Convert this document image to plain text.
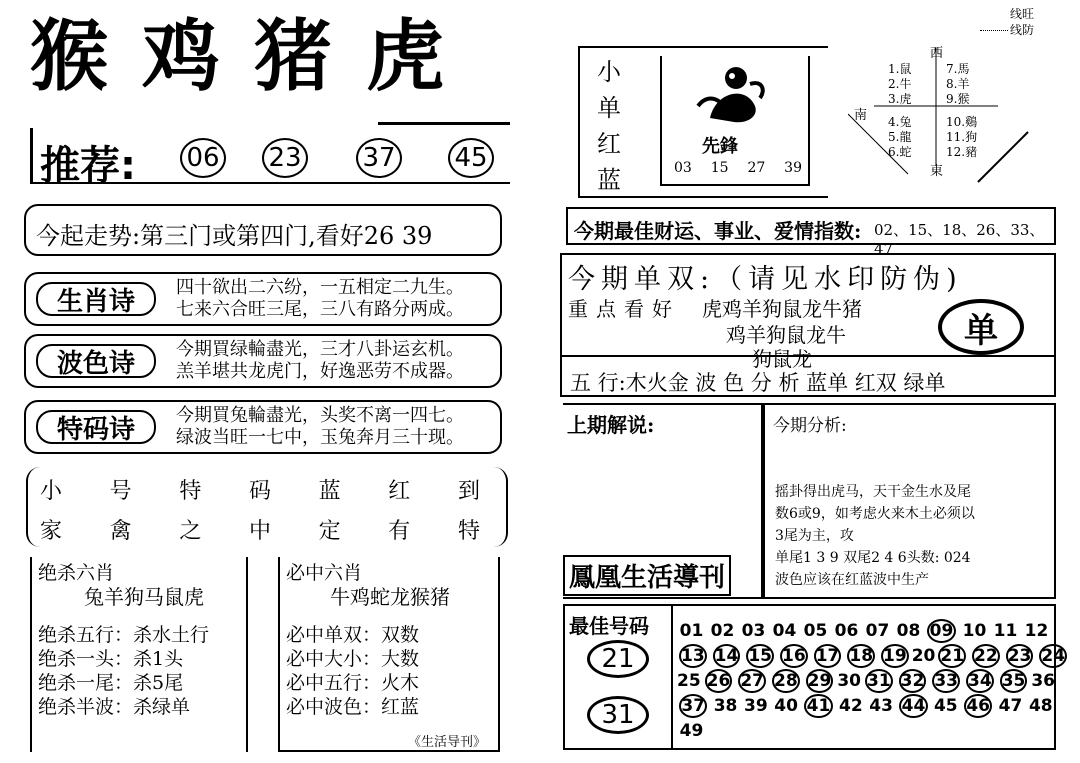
猴鸡猪虎
推荐: 06 23 37 45
今起走势:第三门或第四门,看好26 39
生肖诗	四十欲出二六纷，一五相定二九生。
七来六合旺三尾，三八有路分两成。
波色诗	今期買绿輪盡光，三才八卦运玄机。
羔羊堪共龙虎门，好逸恶劳不成器。
特码诗	今期買兔輪盡光，头奖不离一四七。
绿波当旺一七中，玉兔奔月三十现。
小 号 特 码 蓝 红 到
家 禽 之 中 定 有 特
绝杀六肖
兔羊狗马鼠虎
绝杀五行：杀水土行
绝杀一头：杀1头
绝杀一尾：杀5尾
绝杀半波：杀绿单
必中六肖
牛鸡蛇龙猴猪
必中单双：双数
必中大小：大数
必中五行：火木
必中波色：红蓝
《生活导刊》
小
单
红
蓝
先鋒
03 15 27 39
线旺
线防
西
南
東
1.鼠
2.牛
3.虎
4.兔
5.龍
6.蛇
7.馬
8.羊
9.猴
10.鷄
11.狗
12.豬
今期最佳财运、事业、爱情指数: 02、15、18、26、33、47
今期单双:（请见水印防伪)
重点看好 虎鸡羊狗鼠龙牛猪
鸡羊狗鼠龙牛
狗鼠龙
单
五 行:木火金 波 色 分 析 蓝单 红双 绿单
上期解说:
鳳凰生活導刊
今期分析:
摇卦得出虎马，天干金生水及尾
数6或9，如考虑火来木土必须以
3尾为主，攻
单尾1 3 9 双尾2 4 6头数: 024
波色应该在红蓝波中生产
最佳号码
21
31
01 02 03 04 05 06 07 08 09 10 11 12
13 14 15 16 17 18 19 20 21 22 23 24
25 26 27 28 29 30 31 32 33 34 35 36
37 38 39 40 41 42 43 44 45 46 47 48
49
